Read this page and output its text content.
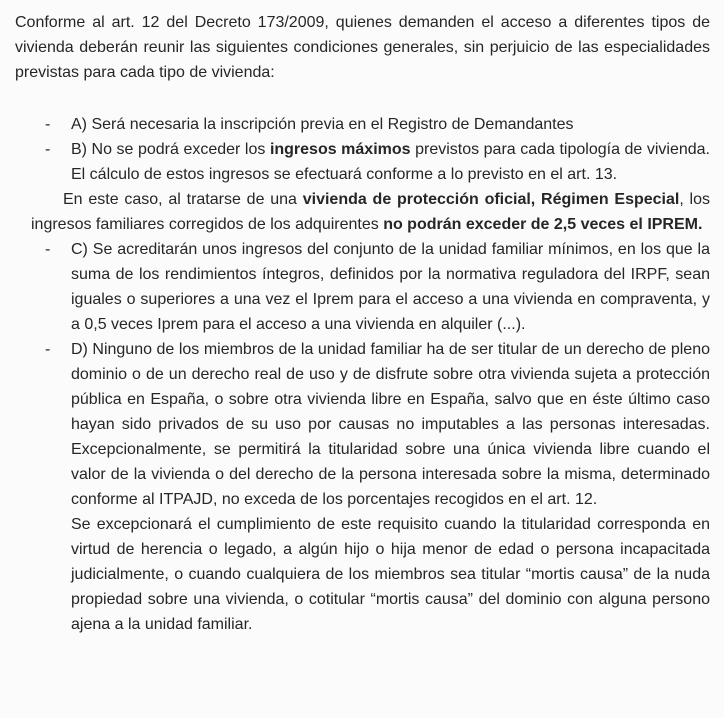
Conforme al art. 12 del Decreto 173/2009, quienes demanden el acceso a diferentes tipos de vivienda deberán reunir las siguientes condiciones generales, sin perjuicio de las especialidades previstas para cada tipo de vivienda:

- A) Será necesaria la inscripción previa en el Registro de Demandantes

- B) No se podrá exceder los ingresos máximos previstos para cada tipología de vivienda. El cálculo de estos ingresos se efectuará conforme a lo previsto en el art. 13.

En este caso, al tratarse de una vivienda de protección oficial, Régimen Especial, los ingresos familiares corregidos de los adquirentes no podrán exceder de 2,5 veces el IPREM.

- C) Se acreditarán unos ingresos del conjunto de la unidad familiar mínimos, en los que la suma de los rendimientos íntegros, definidos por la normativa reguladora del IRPF, sean iguales o superiores a una vez el Iprem para el acceso a una vivienda en compraventa, y a 0,5 veces Iprem para el acceso a una vivienda en alquiler (...).

- D) Ninguno de los miembros de la unidad familiar ha de ser titular de un derecho de pleno dominio o de un derecho real de uso y de disfrute sobre otra vivienda sujeta a protección pública en España, o sobre otra vivienda libre en España, salvo que en éste último caso hayan sido privados de su uso por causas no imputables a las personas interesadas. Excepcionalmente, se permitirá la titularidad sobre una única vivienda libre cuando el valor de la vivienda o del derecho de la persona interesada sobre la misma, determinado conforme al ITPAJD, no exceda de los porcentajes recogidos en el art. 12.

Se excepcionará el cumplimiento de este requisito cuando la titularidad corresponda en virtud de herencia o legado, a algún hijo o hija menor de edad o persona incapacitada judicialmente, o cuando cualquiera de los miembros sea titular “mortis causa” de la nuda propiedad sobre una vivienda, o cotitular “mortis causa” del dominio con alguna persono ajena a la unidad familiar.
